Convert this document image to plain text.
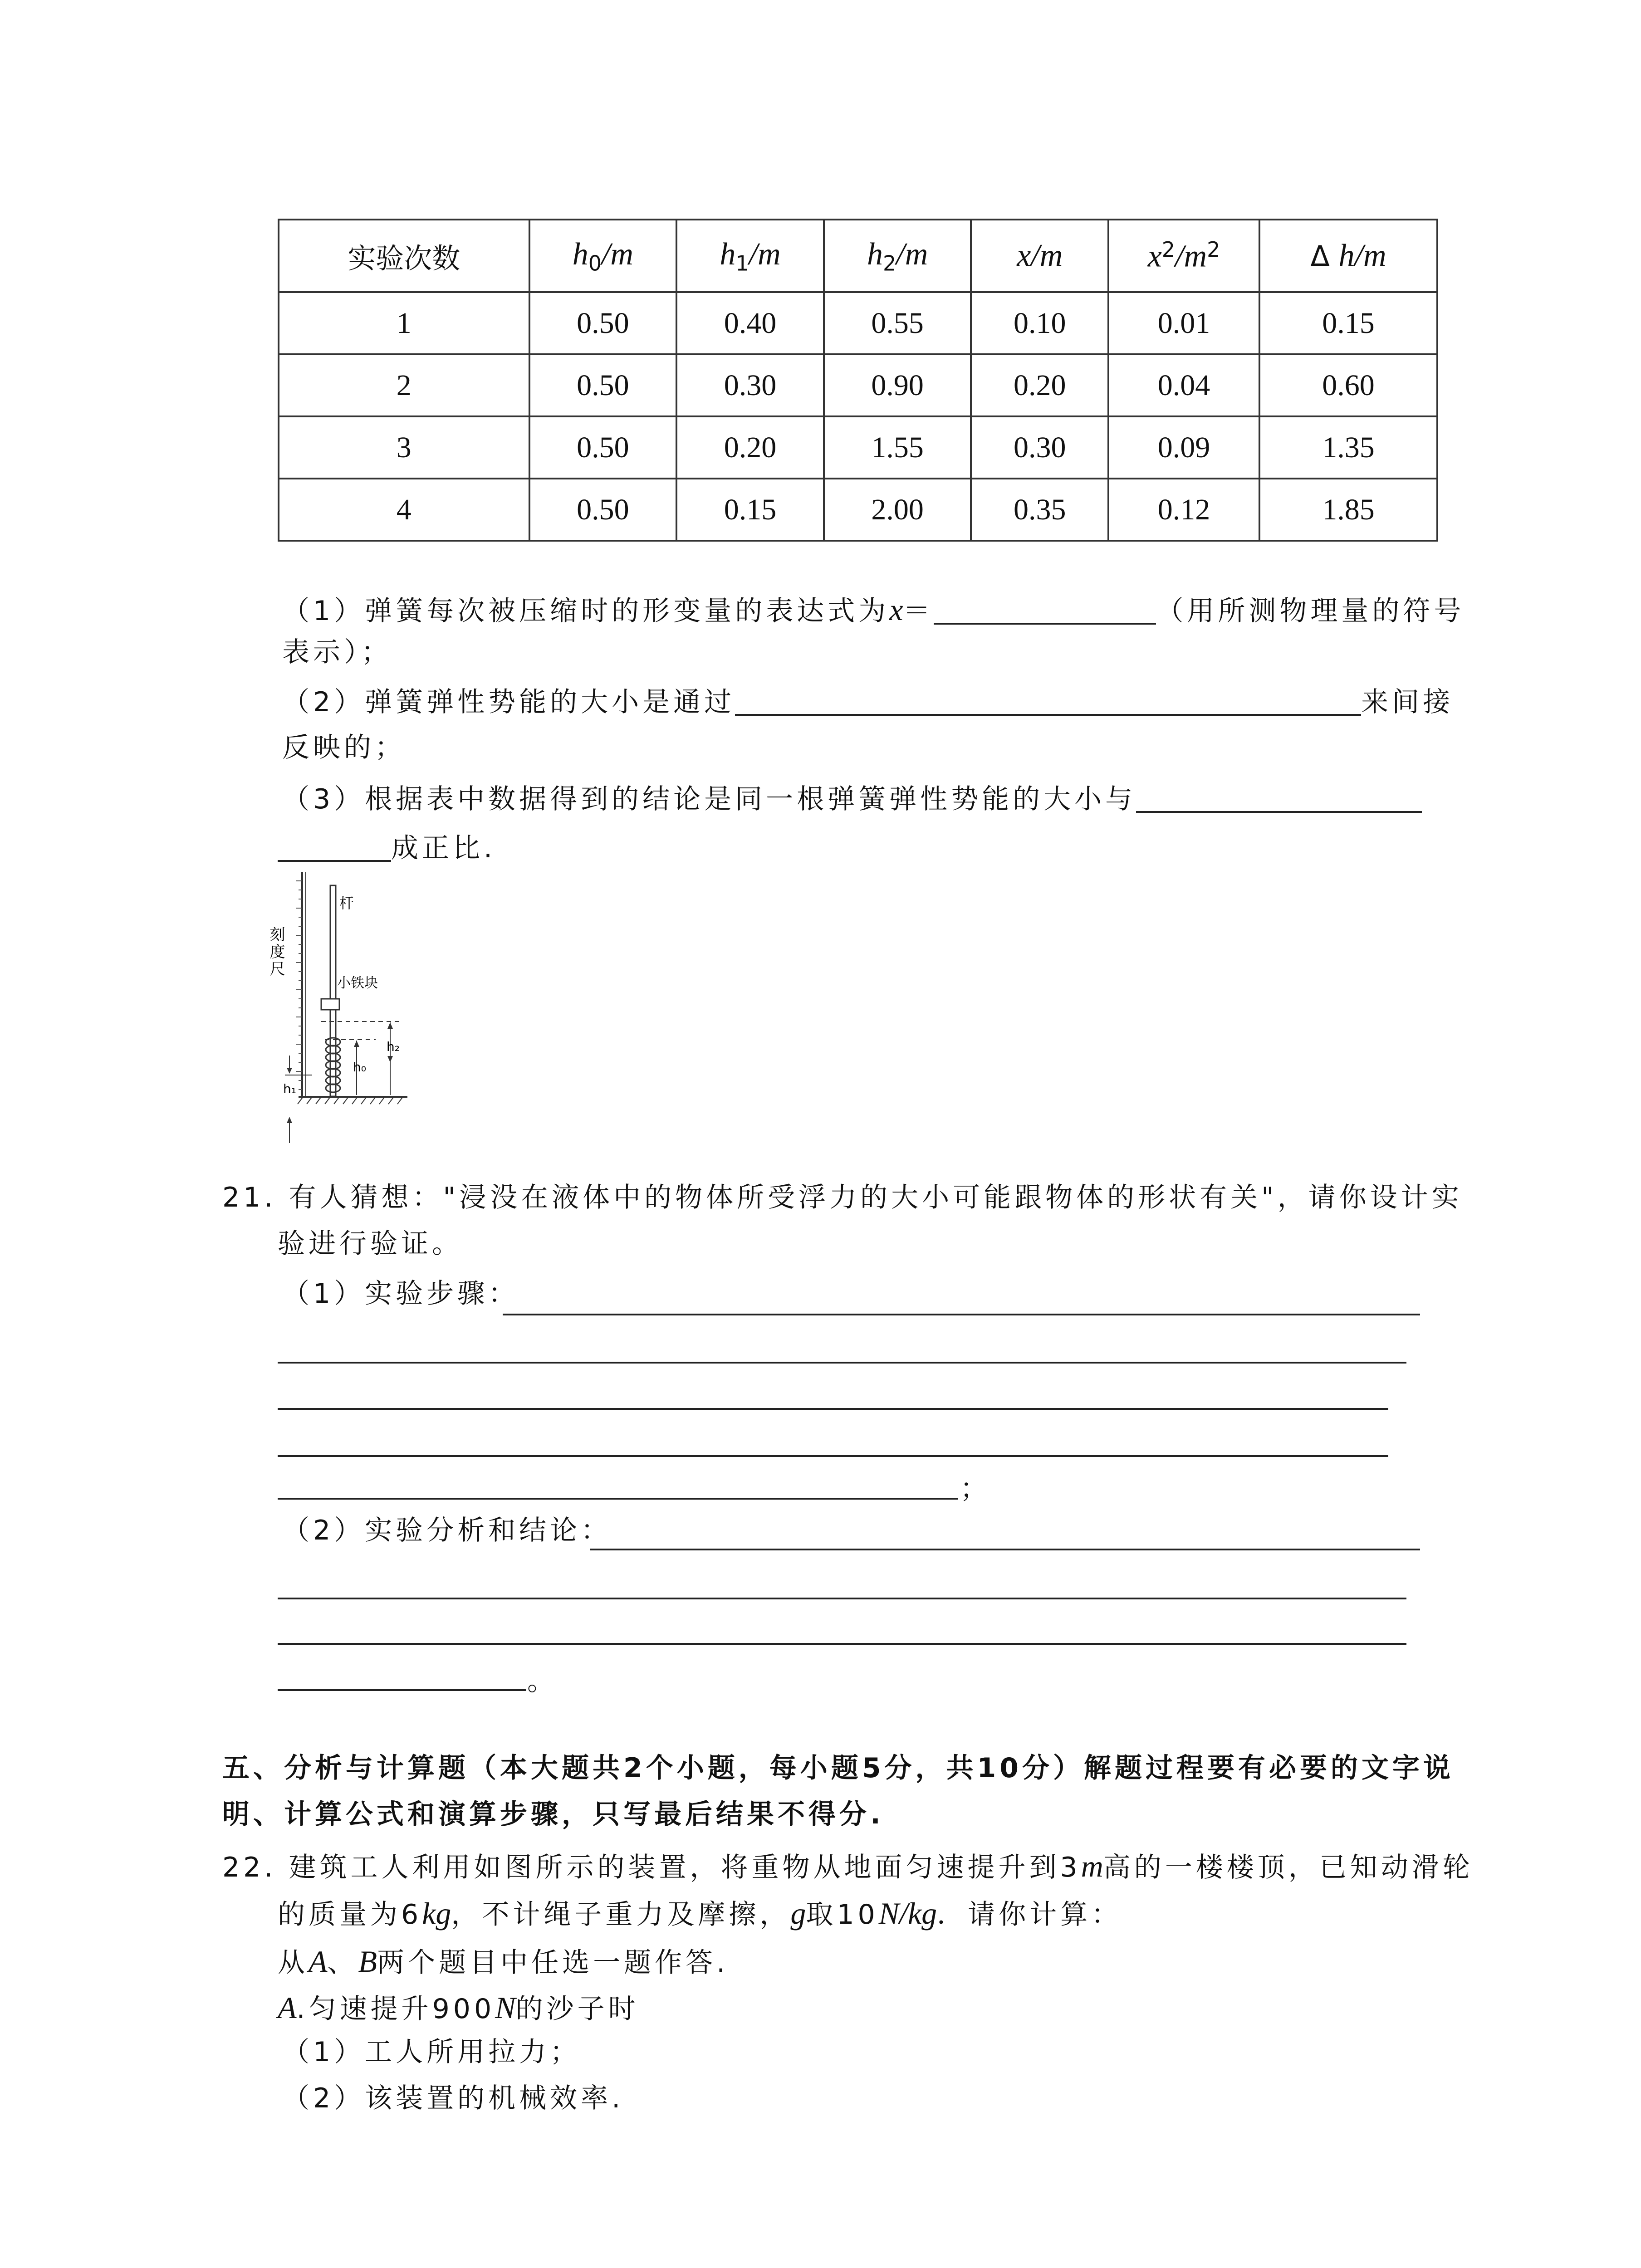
实验次数	$h_0/m$	$h_1/m$	$h_2/m$	x/m	$x^2/m^2$	Δ h/m
1	0.50	0.40	0.55	0.10	0.01	0.15
2	0.50	0.30	0.90	0.20	0.04	0.60
3	0.50	0.20	1.55	0.30	0.09	1.35
4	0.50	0.15	2.00	0.35	0.12	1.85
（1）弹簧每次被压缩时的形变量的表达式为x＝	（用所测物理量的符号
表示）；
（2）弹簧弹性势能的大小是通过	来间接
反映的；
（3）根据表中数据得到的结论是同一根弹簧弹性势能的大小与
成正比.
刻度尺
杆
小铁块
h₀
h₂
h₁
21. 有人猜想："浸没在液体中的物体所受浮力的大小可能跟物体的形状有关"，请你设计实
验进行验证。
（1）实验步骤：
；
（2）实验分析和结论：
。
五、分析与计算题（本大题共2个小题，每小题5分，共10分）解题过程要有必要的文字说
明、计算公式和演算步骤，只写最后结果不得分.
22. 建筑工人利用如图所示的装置，将重物从地面匀速提升到3m高的一楼楼顶，已知动滑轮
的质量为6kg，不计绳子重力及摩擦，g取10N/kg．请你计算：
从A、B两个题目中任选一题作答.
A.匀速提升900N的沙子时
（1）工人所用拉力；
（2）该装置的机械效率.
